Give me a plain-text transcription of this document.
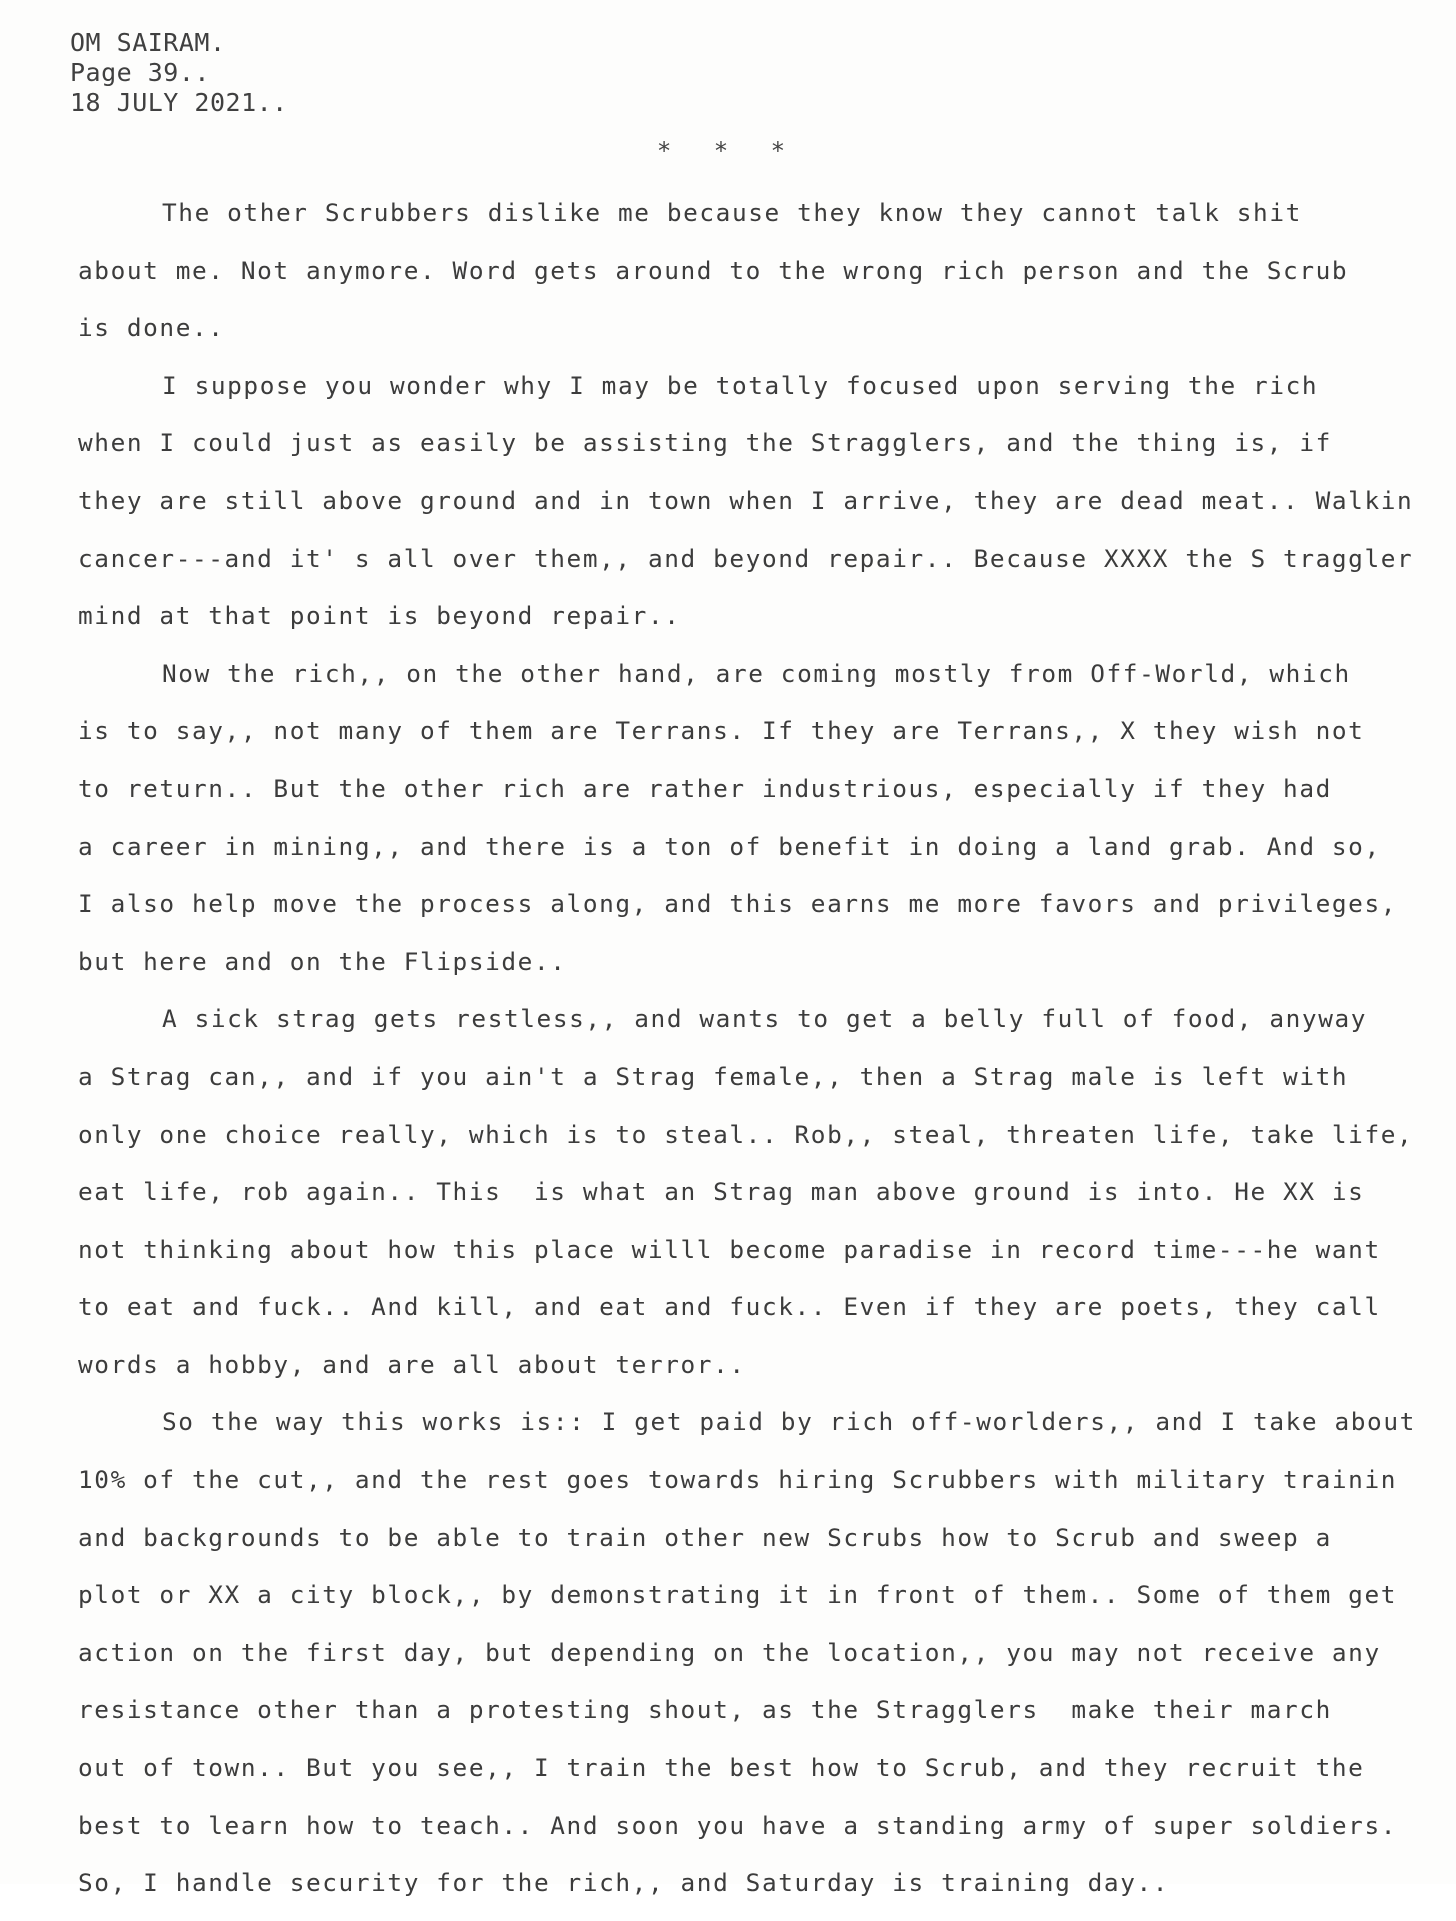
OM SAIRAM.
Page 39..
18 JULY 2021..
* * *
The other Scrubbers dislike me because they know they cannot talk shit
about me. Not anymore. Word gets around to the wrong rich person and the Scrub
is done..
I suppose you wonder why I may be totally focused upon serving the rich
when I could just as easily be assisting the Stragglers, and the thing is, if
they are still above ground and in town when I arrive, they are dead meat.. Walkin
cancer---and it' s all over them,, and beyond repair.. Because XXXX the S traggler
mind at that point is beyond repair..
Now the rich,, on the other hand, are coming mostly from Off-World, which
is to say,, not many of them are Terrans. If they are Terrans,, X they wish not
to return.. But the other rich are rather industrious, especially if they had
a career in mining,, and there is a ton of benefit in doing a land grab. And so,
I also help move the process along, and this earns me more favors and privileges,
but here and on the Flipside..
A sick strag gets restless,, and wants to get a belly full of food, anyway
a Strag can,, and if you ain't a Strag female,, then a Strag male is left with
only one choice really, which is to steal.. Rob,, steal, threaten life, take life,
eat life, rob again.. This  is what an Strag man above ground is into. He XX is
not thinking about how this place willl become paradise in record time---he want
to eat and fuck.. And kill, and eat and fuck.. Even if they are poets, they call
words a hobby, and are all about terror..
So the way this works is:: I get paid by rich off-worlders,, and I take about
10% of the cut,, and the rest goes towards hiring Scrubbers with military trainin
and backgrounds to be able to train other new Scrubs how to Scrub and sweep a
plot or XX a city block,, by demonstrating it in front of them.. Some of them get
action on the first day, but depending on the location,, you may not receive any
resistance other than a protesting shout, as the Stragglers  make their march
out of town.. But you see,, I train the best how to Scrub, and they recruit the
best to learn how to teach.. And soon you have a standing army of super soldiers.
So, I handle security for the rich,, and Saturday is training day..
